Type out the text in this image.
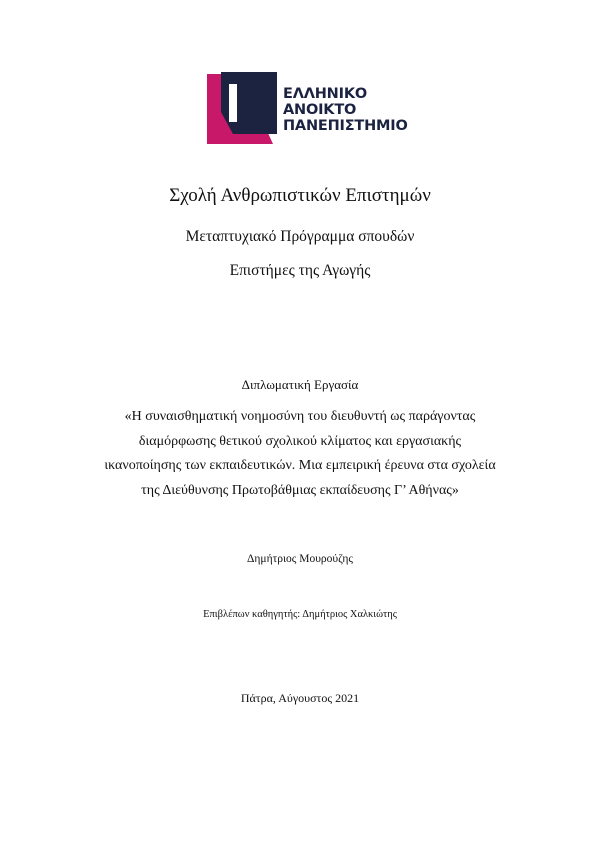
ΕΛΛΗΝΙΚΟ
ΑΝΟΙΚΤΟ
ΠΑΝΕΠΙΣΤΗΜΙΟ
Σχολή Ανθρωπιστικών Επιστημών
Μεταπτυχιακό Πρόγραμμα σπουδών
Επιστήμες της Αγωγής
Διπλωματική Εργασία
«Η συναισθηματική νοημοσύνη του διευθυντή ως παράγοντας
διαμόρφωσης θετικού σχολικού κλίματος και εργασιακής
ικανοποίησης των εκπαιδευτικών. Μια εμπειρική έρευνα στα σχολεία
της Διεύθυνσης Πρωτοβάθμιας εκπαίδευσης Γ’ Αθήνας»
Δημήτριος Μουρούζης
Επιβλέπων καθηγητής: Δημήτριος Χαλκιώτης
Πάτρα, Αύγουστος 2021
